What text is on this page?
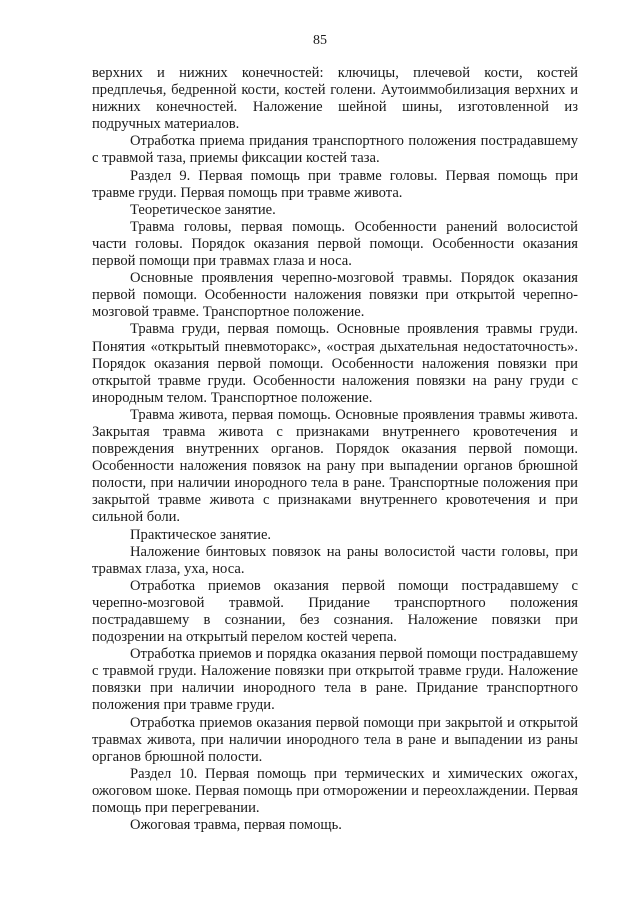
85

верхних и нижних конечностей: ключицы, плечевой кости, костей предплечья, бедренной кости, костей голени. Аутоиммобилизация верхних и нижних конечностей. Наложение шейной шины, изготовленной из подручных материалов.

Отработка приема придания транспортного положения пострадавшему с травмой таза, приемы фиксации костей таза.

Раздел 9. Первая помощь при травме головы. Первая помощь при травме груди. Первая помощь при травме живота.

Теоретическое занятие.

Травма головы, первая помощь. Особенности ранений волосистой части головы. Порядок оказания первой помощи. Особенности оказания первой помощи при травмах глаза и носа.

Основные проявления черепно-мозговой травмы. Порядок оказания первой помощи. Особенности наложения повязки при открытой черепно-мозговой травме. Транспортное положение.

Травма груди, первая помощь. Основные проявления травмы груди. Понятия «открытый пневмоторакс», «острая дыхательная недостаточность». Порядок оказания первой помощи. Особенности наложения повязки при открытой травме груди. Особенности наложения повязки на рану груди с инородным телом. Транспортное положение.

Травма живота, первая помощь. Основные проявления травмы живота. Закрытая травма живота с признаками внутреннего кровотечения и повреждения внутренних органов. Порядок оказания первой помощи. Особенности наложения повязок на рану при выпадении органов брюшной полости, при наличии инородного тела в ране. Транспортные положения при закрытой травме живота с признаками внутреннего кровотечения и при сильной боли.

Практическое занятие.

Наложение бинтовых повязок на раны волосистой части головы, при травмах глаза, уха, носа.

Отработка приемов оказания первой помощи пострадавшему с черепно-мозговой травмой. Придание транспортного положения пострадавшему в сознании, без сознания. Наложение повязки при подозрении на открытый перелом костей черепа.

Отработка приемов и порядка оказания первой помощи пострадавшему с травмой груди. Наложение повязки при открытой травме груди. Наложение повязки при наличии инородного тела в ране. Придание транспортного положения при травме груди.

Отработка приемов оказания первой помощи при закрытой и открытой травмах живота, при наличии инородного тела в ране и выпадении из раны органов брюшной полости.

Раздел 10. Первая помощь при термических и химических ожогах, ожоговом шоке. Первая помощь при отморожении и переохлаждении. Первая помощь при перегревании.

Ожоговая травма, первая помощь.
